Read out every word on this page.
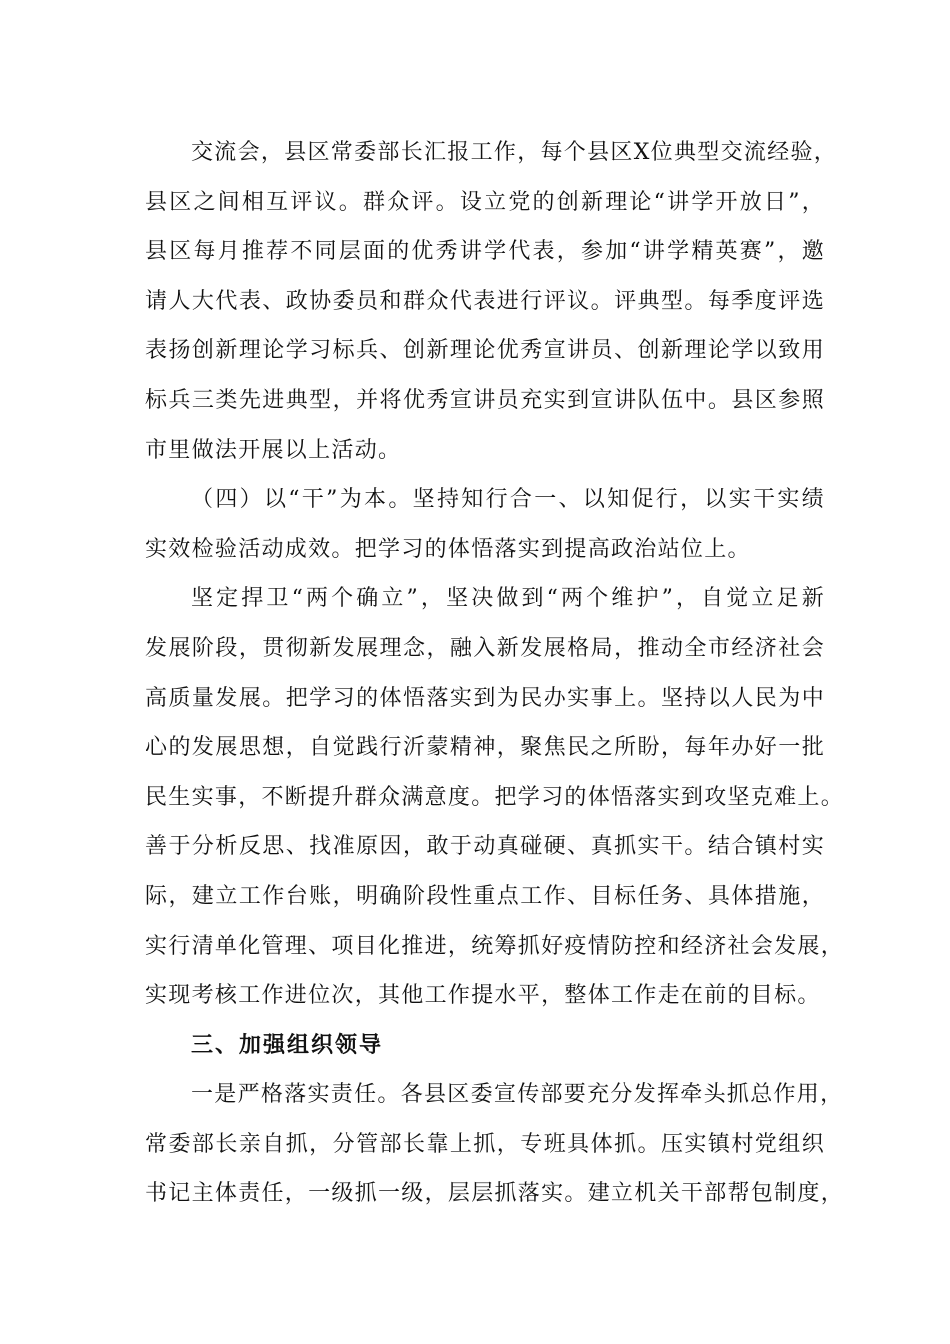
交流会，县区常委部长汇报工作，每个县区X位典型交流经验，
县区之间相互评议。群众评。设立党的创新理论“讲学开放日”，
县区每月推荐不同层面的优秀讲学代表，参加“讲学精英赛”，邀
请人大代表、政协委员和群众代表进行评议。评典型。每季度评选
表扬创新理论学习标兵、创新理论优秀宣讲员、创新理论学以致用
标兵三类先进典型，并将优秀宣讲员充实到宣讲队伍中。县区参照
市里做法开展以上活动。
（四）以“干”为本。坚持知行合一、以知促行，以实干实绩
实效检验活动成效。把学习的体悟落实到提高政治站位上。
坚定捍卫“两个确立”，坚决做到“两个维护”，自觉立足新
发展阶段，贯彻新发展理念，融入新发展格局，推动全市经济社会
高质量发展。把学习的体悟落实到为民办实事上。坚持以人民为中
心的发展思想，自觉践行沂蒙精神，聚焦民之所盼，每年办好一批
民生实事，不断提升群众满意度。把学习的体悟落实到攻坚克难上。
善于分析反思、找准原因，敢于动真碰硬、真抓实干。结合镇村实
际，建立工作台账，明确阶段性重点工作、目标任务、具体措施，
实行清单化管理、项目化推进，统筹抓好疫情防控和经济社会发展，
实现考核工作进位次，其他工作提水平，整体工作走在前的目标。
三、加强组织领导
一是严格落实责任。各县区委宣传部要充分发挥牵头抓总作用，
常委部长亲自抓，分管部长靠上抓，专班具体抓。压实镇村党组织
书记主体责任，一级抓一级，层层抓落实。建立机关干部帮包制度，
